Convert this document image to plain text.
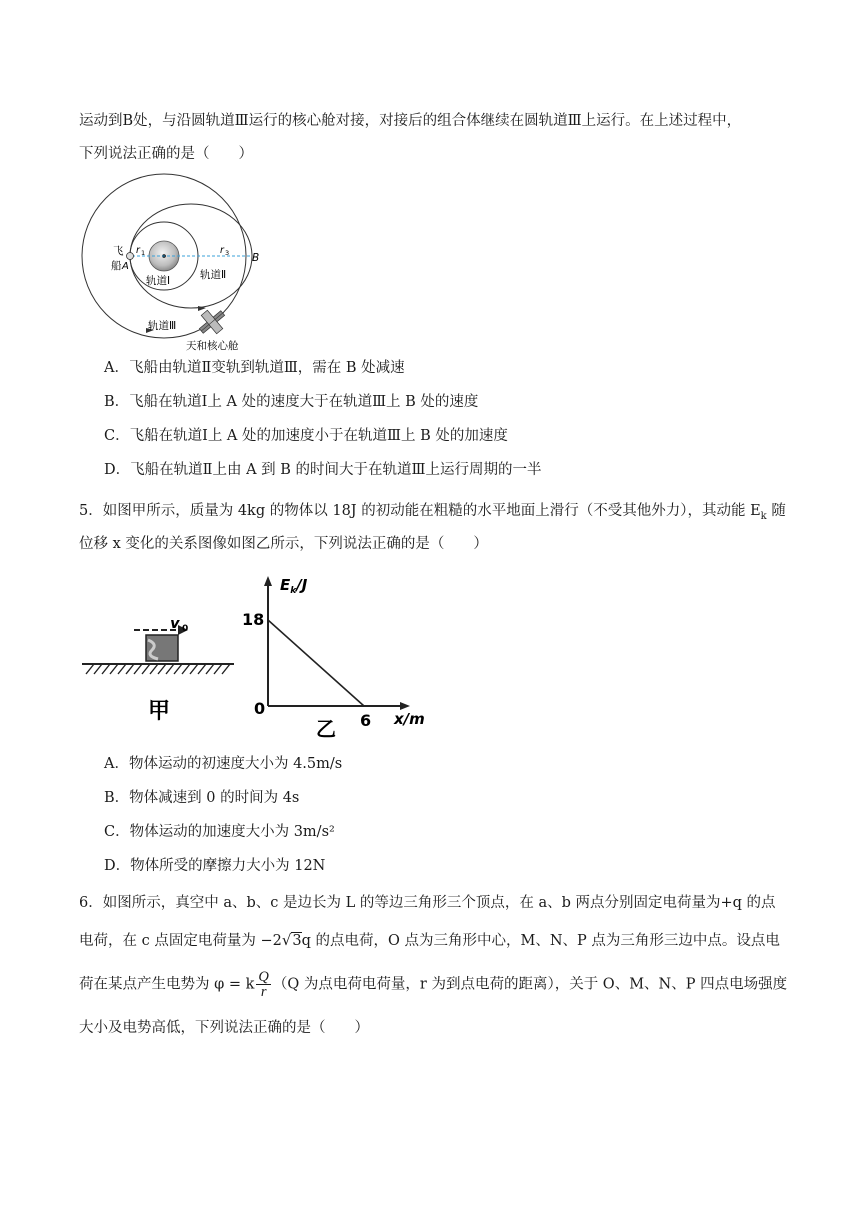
运动到B处，与沿圆轨道Ⅲ运行的核心舱对接，对接后的组合体继续在圆轨道Ⅲ上运行。在上述过程中，
下列说法正确的是（　　）
飞
船 A
r 1	r 3 B
轨道Ⅰ	轨道Ⅱ
轨道Ⅲ
天和核心舱
A．飞船由轨道Ⅱ变轨到轨道Ⅲ，需在 B 处减速
B．飞船在轨道Ⅰ上 A 处的速度大于在轨道Ⅲ上 B 处的速度
C．飞船在轨道Ⅰ上 A 处的加速度小于在轨道Ⅲ上 B 处的加速度
D．飞船在轨道Ⅱ上由 A 到 B 的时间大于在轨道Ⅲ上运行周期的一半
5．如图甲所示，质量为 4kg 的物体以 18J 的初动能在粗糙的水平地面上滑行（不受其他外力），其动能 $E_k$ 随
位移 x 变化的关系图像如图乙所示，下列说法正确的是（　　）
v 0
甲
$E_k/J$
x/m
18
0
6
乙
A．物体运动的初速度大小为 4.5m/s
B．物体减速到 0 的时间为 4s
C．物体运动的加速度大小为 3m/s²
D．物体所受的摩擦力大小为 12N
6．如图所示，真空中 a、b、c 是边长为 L 的等边三角形三个顶点，在 a、b 两点分别固定电荷量为+q 的点
电荷，在 c 点固定电荷量为 −2√3q 的点电荷，O 点为三角形中心，M、N、P 点为三角形三边中点。设点电
荷在某点产生电势为 φ = k $\frac{Q}{r} (Q$ 为点电荷电荷量，r 为到点电荷的距离），关于 O、M、N、P 四点电场强度
大小及电势高低，下列说法正确的是（　　）
